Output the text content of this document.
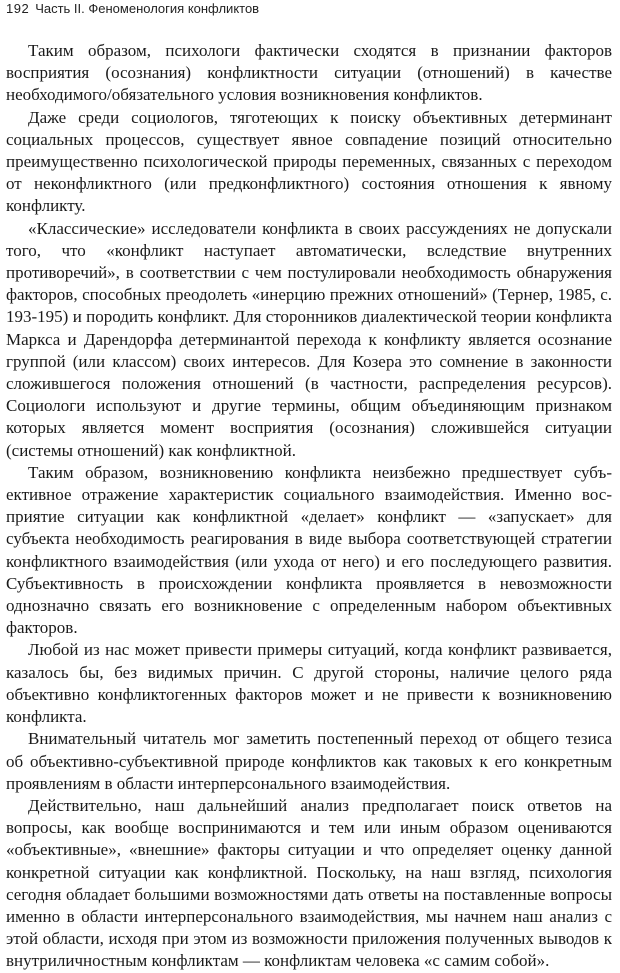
192 Часть II. Феноменология конфликтов

Таким образом, психологи фактически сходятся в признании факторов восприятия (осознания) конфликтности ситуации (отношений) в качестве необходимого/обязательного условия возникновения конфликтов.

Даже среди социологов, тяготеющих к поиску объективных детерминант социальных процессов, существует явное совпадение позиций относительно преимущественно психологической природы переменных, связанных с переходом от неконфликтного (или предконфликтного) состояния отношения к явному конфликту.

«Классические» исследователи конфликта в своих рассуждениях не допускали того, что «конфликт наступает автоматически, вследствие внутренних противоречий», в соответствии с чем постулировали необходимость обнаружения факторов, способных преодолеть «инерцию прежних отношений» (Тернер, 1985, с. 193-195) и породить конфликт. Для сторонников диалектической теории конфликта Маркса и Дарендорфа детерминантой перехода к конфликту является осознание группой (или классом) своих интересов. Для Козера это сомнение в законности сложившегося положения отношений (в частности, распределения ресурсов). Социологи используют и другие термины, общим объединяющим признаком которых является момент восприятия (осознания) сложившейся ситуации (системы отношений) как конфликтной.

Таким образом, возникновению конфликта неизбежно предшествует субъективное отражение характеристик социального взаимодействия. Именно восприятие ситуации как конфликтной «делает» конфликт — «запускает» для субъекта необходимость реагирования в виде выбора соответствующей стратегии конфликтного взаимодействия (или ухода от него) и его последующего развития. Субъективность в происхождении конфликта проявляется в невозможности однозначно связать его возникновение с определенным набором объективных факторов.

Любой из нас может привести примеры ситуаций, когда конфликт развивается, казалось бы, без видимых причин. С другой стороны, наличие целого ряда объективно конфликтогенных факторов может и не привести к возникновению конфликта.

Внимательный читатель мог заметить постепенный переход от общего тезиса об объективно-субъективной природе конфликтов как таковых к его конкретным проявлениям в области интерперсонального взаимодействия.

Действительно, наш дальнейший анализ предполагает поиск ответов на вопросы, как вообще воспринимаются и тем или иным образом оцениваются «объективные», «внешние» факторы ситуации и что определяет оценку данной конкретной ситуации как конфликтной. Поскольку, на наш взгляд, психология сегодня обладает большими возможностями дать ответы на поставленные вопросы именно в области интерперсонального взаимодействия, мы начнем наш анализ с этой области, исходя при этом из возможности приложения полученных выводов к внутриличностным конфликтам — конфликтам человека «с самим собой».
